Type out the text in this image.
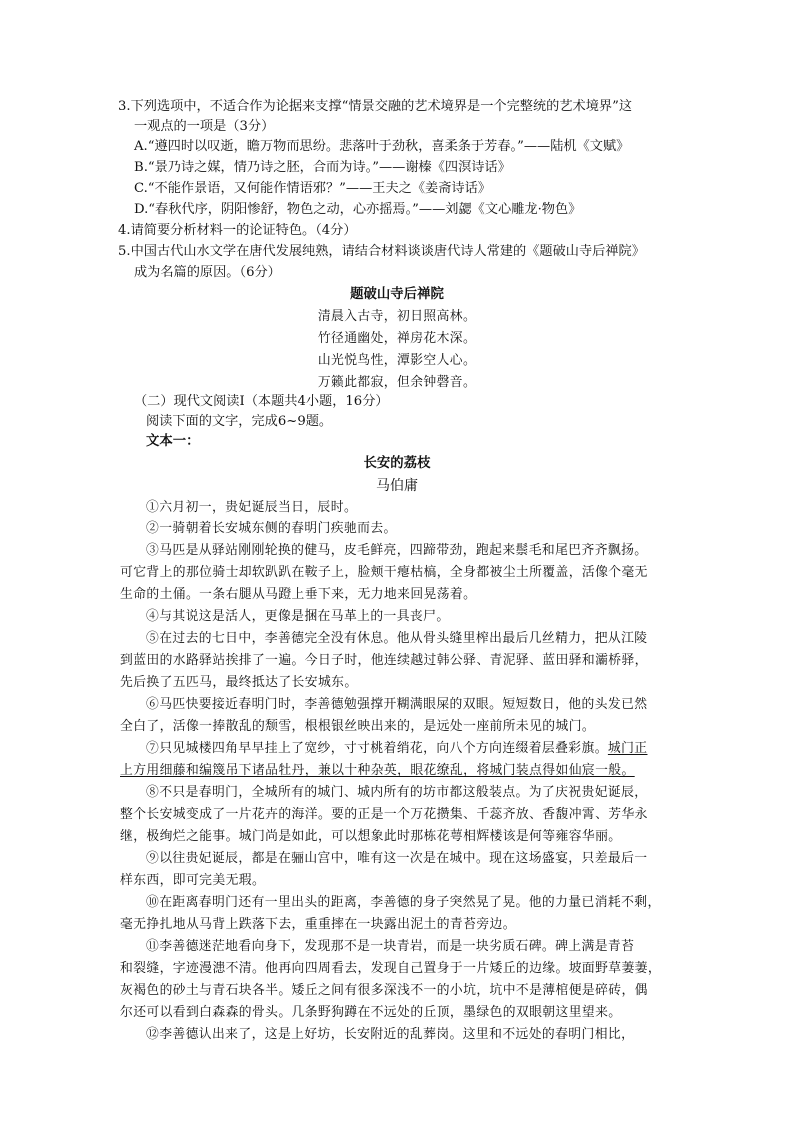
3.下列选项中，不适合作为论据来支撑“情景交融的艺术境界是一个完整统的艺术境界”这
一观点的一项是（3分）
A.“遵四时以叹逝，瞻万物而思纷。悲落叶于劲秋，喜柔条于芳春。”——陆机《文赋》
B.“景乃诗之媒，情乃诗之胚，合而为诗。”——谢榛《四溟诗话》
C.“不能作景语，又何能作情语邪？”——王夫之《姜斋诗话》
D.“春秋代序，阴阳惨舒，物色之动，心亦摇焉。”——刘勰《文心雕龙·物色》
4.请简要分析材料一的论证特色。（4分）
5.中国古代山水文学在唐代发展纯熟，请结合材料谈谈唐代诗人常建的《题破山寺后禅院》
成为名篇的原因。（6分）
题破山寺后禅院
清晨入古寺，初日照高林。
竹径通幽处，禅房花木深。
山光悦鸟性，潭影空人心。
万籁此都寂，但余钟磬音。
（二）现代文阅读Ⅰ（本题共4小题，16分）
阅读下面的文字，完成6~9题。
文本一：
长安的荔枝
马伯庸
①六月初一，贵妃诞辰当日，辰时。
②一骑朝着长安城东侧的春明门疾驰而去。
③马匹是从驿站刚刚轮换的健马，皮毛鲜亮，四蹄带劲，跑起来鬃毛和尾巴齐齐飘扬。
可它背上的那位骑士却软趴趴在鞍子上，脸颊干瘪枯槁，全身都被尘土所覆盖，活像个毫无
生命的土俑。一条右腿从马蹬上垂下来，无力地来回晃荡着。
④与其说这是活人，更像是捆在马革上的一具丧尸。
⑤在过去的七日中，李善德完全没有休息。他从骨头缝里榨出最后几丝精力，把从江陵
到蓝田的水路驿站挨排了一遍。今日子时，他连续越过韩公驿、青泥驿、蓝田驿和灞桥驿，
先后换了五匹马，最终抵达了长安城东。
⑥马匹快要接近春明门时，李善德勉强撑开糊满眼屎的双眼。短短数日，他的头发已然
全白了，活像一捧散乱的颓雪，根根银丝映出来的，是远处一座前所未见的城门。
⑦只见城楼四角早早挂上了宽纱，寸寸桃着绡花，向八个方向连缀着层叠彩旗。城门正
上方用细藤和编篾吊下诸品牡丹，兼以十种杂英，眼花缭乱，将城门装点得如仙宸一般。
⑧不只是春明门，全城所有的城门、城内所有的坊市都这般装点。为了庆祝贵妃诞辰，
整个长安城变成了一片花卉的海洋。要的正是一个万花攒集、千蕊齐放、香馥冲霄、芳华永
继，极绚烂之能事。城门尚是如此，可以想象此时那栋花萼相辉楼该是何等雍容华丽。
⑨以往贵妃诞辰，都是在骊山宫中，唯有这一次是在城中。现在这场盛宴，只差最后一
样东西，即可完美无瑕。
⑩在距离春明门还有一里出头的距离，李善德的身子突然晃了晃。他的力量已消耗不剩，
毫无挣扎地从马背上跌落下去，重重摔在一块露出泥土的青苔旁边。
⑪李善德迷茫地看向身下，发现那不是一块青岩，而是一块劣质石碑。碑上满是青苔
和裂缝，字迹漫漶不清。他再向四周看去，发现自己置身于一片矮丘的边缘。坡面野草萋萋，
灰褐色的砂土与青石块各半。矮丘之间有很多深浅不一的小坑，坑中不是薄棺便是碎砖，偶
尔还可以看到白森森的骨头。几条野狗蹲在不远处的丘顶，墨绿色的双眼朝这里望来。
⑫李善德认出来了，这是上好坊，长安附近的乱葬岗。这里和不远处的春明门相比，
